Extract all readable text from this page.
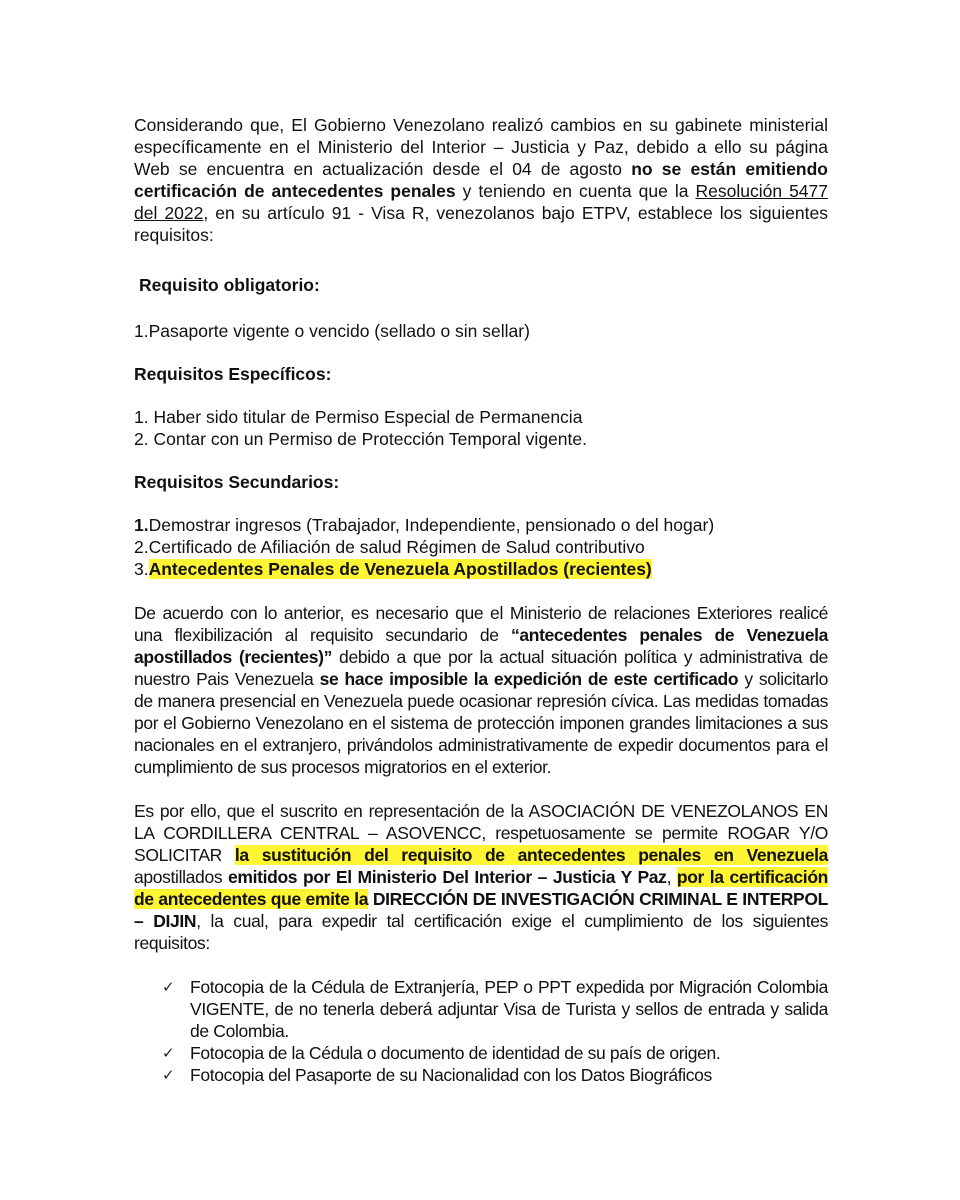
Considerando que, El Gobierno Venezolano realizó cambios en su gabinete ministerial específicamente en el Ministerio del Interior – Justicia y Paz, debido a ello su página Web se encuentra en actualización desde el 04 de agosto no se están emitiendo certificación de antecedentes penales y teniendo en cuenta que la Resolución 5477 del 2022, en su artículo 91 - Visa R, venezolanos bajo ETPV, establece los siguientes requisitos:

Requisito obligatorio:

1.Pasaporte vigente o vencido (sellado o sin sellar)

Requisitos Específicos:

1. Haber sido titular de Permiso Especial de Permanencia

2. Contar con un Permiso de Protección Temporal vigente.

Requisitos Secundarios:

1.Demostrar ingresos (Trabajador, Independiente, pensionado o del hogar)

2.Certificado de Afiliación de salud Régimen de Salud contributivo

3.Antecedentes Penales de Venezuela Apostillados (recientes)

De acuerdo con lo anterior, es necesario que el Ministerio de relaciones Exteriores realicé una flexibilización al requisito secundario de “antecedentes penales de Venezuela apostillados (recientes)” debido a que por la actual situación política y administrativa de nuestro Pais Venezuela se hace imposible la expedición de este certificado y solicitarlo de manera presencial en Venezuela puede ocasionar represión cívica. Las medidas tomadas por el Gobierno Venezolano en el sistema de protección imponen grandes limitaciones a sus nacionales en el extranjero, privándolos administrativamente de expedir documentos para el cumplimiento de sus procesos migratorios en el exterior.

Es por ello, que el suscrito en representación de la ASOCIACIÓN DE VENEZOLANOS EN LA CORDILLERA CENTRAL – ASOVENCC, respetuosamente se permite ROGAR Y/O SOLICITAR la sustitución del requisito de antecedentes penales en Venezuela apostillados emitidos por El Ministerio Del Interior – Justicia Y Paz, por la certificación de antecedentes que emite la DIRECCIÓN DE INVESTIGACIÓN CRIMINAL E INTERPOL – DIJIN, la cual, para expedir tal certificación exige el cumplimiento de los siguientes requisitos:

✓ Fotocopia de la Cédula de Extranjería, PEP o PPT expedida por Migración Colombia VIGENTE, de no tenerla deberá adjuntar Visa de Turista y sellos de entrada y salida de Colombia.
✓ Fotocopia de la Cédula o documento de identidad de su país de origen.
✓ Fotocopia del Pasaporte de su Nacionalidad con los Datos Biográficos
